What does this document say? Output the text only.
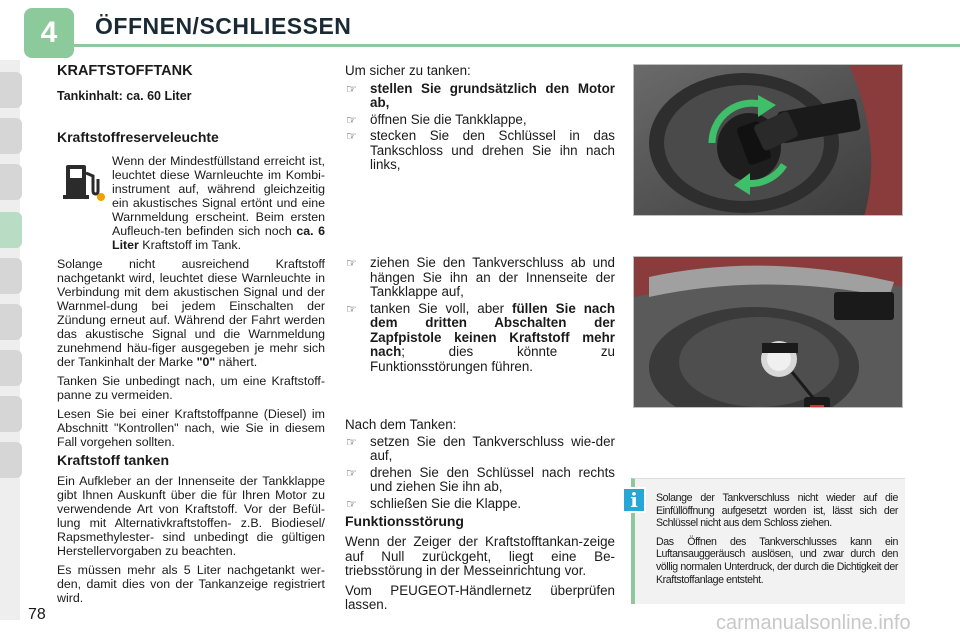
4	ÖFFNEN/SCHLIESSEN
KRAFTSTOFFTANK
Tankinhalt: ca. 60 Liter
Kraftstoffreserveleuchte

Wenn der Mindestfüllstand erreicht ist, leuchtet diese Warnleuchte im Kombi-instrument auf, während gleichzeitig ein akustisches Signal ertönt und eine Warnmeldung erscheint. Beim ersten Aufleuch-ten befinden sich noch ca. 6 Liter Kraftstoff im Tank.

Solange nicht ausreichend Kraftstoff nachgetankt wird, leuchtet diese Warnleuchte in Verbindung mit dem akustischen Signal und der Warnmel-dung bei jedem Einschalten der Zündung erneut auf. Während der Fahrt werden das akustische Signal und die Warnmeldung zunehmend häu-figer ausgegeben je mehr sich der Tankinhalt der Marke "0" nähert.

Tanken Sie unbedingt nach, um eine Kraftstoff-panne zu vermeiden.

Lesen Sie bei einer Kraftstoffpanne (Diesel) im Abschnitt "Kontrollen" nach, wie Sie in diesem Fall vorgehen sollten.

Kraftstoff tanken

Ein Aufkleber an der Innenseite der Tankklappe gibt Ihnen Auskunft über die für Ihren Motor zu verwendende Art von Kraftstoff. Vor der Befül-lung mit Alternativkraftstoffen- z.B. Biodiesel/ Rapsmethylester- sind unbedingt die gültigen Herstellervorgaben zu beachten.

Es müssen mehr als 5 Liter nachgetankt wer-den, damit dies von der Tankanzeige registriert wird.

Um sicher zu tanken:
☞ stellen Sie grundsätzlich den Motor ab,
☞ öffnen Sie die Tankklappe,
☞ stecken Sie den Schlüssel in das Tankschloss und drehen Sie ihn nach links,
☞ ziehen Sie den Tankverschluss ab und hängen Sie ihn an der Innenseite der Tankklappe auf,
☞ tanken Sie voll, aber füllen Sie nach dem dritten Abschalten der Zapfpistole keinen Kraftstoff mehr nach; dies könnte zu Funktionsstörungen führen.
Nach dem Tanken:
☞ setzen Sie den Tankverschluss wie-der auf,
☞ drehen Sie den Schlüssel nach rechts und ziehen Sie ihn ab,
☞ schließen Sie die Klappe.
Funktionsstörung

Wenn der Zeiger der Kraftstofftankan-zeige auf Null zurückgeht, liegt eine Be-triebsstörung in der Messeinrichtung vor.

Vom PEUGEOT-Händlernetz überprüfen lassen.

i	Solange der Tankverschluss nicht wieder auf die Einfüllöffnung aufgesetzt worden ist, lässt sich der Schlüssel nicht aus dem Schloss ziehen.

Das Öffnen des Tankverschlusses kann ein Luftansauggeräusch auslösen, und zwar durch den völlig normalen Unterdruck, der durch die Dichtigkeit der Kraftstoffanlage entsteht.

78	carmanualsonline.info
